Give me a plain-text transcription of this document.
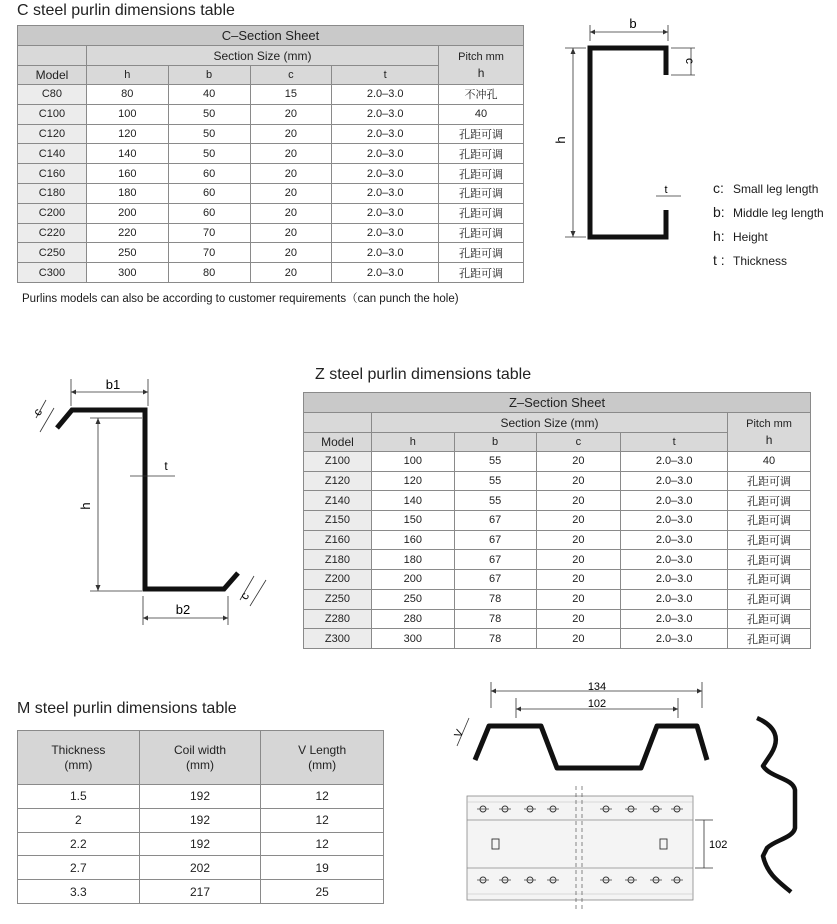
C steel purlin dimensions table
C–Section Sheet					
	Section Size (mm)				Pitch mm
h
Model	h	b	c	t	
C80	80	40	15	2.0–3.0	不冲孔
C100	100	50	20	2.0–3.0	40
C120	120	50	20	2.0–3.0	孔距可调
C140	140	50	20	2.0–3.0	孔距可调
C160	160	60	20	2.0–3.0	孔距可调
C180	180	60	20	2.0–3.0	孔距可调
C200	200	60	20	2.0–3.0	孔距可调
C220	220	70	20	2.0–3.0	孔距可调
C250	250	70	20	2.0–3.0	孔距可调
C300	300	80	20	2.0–3.0	孔距可调
Purlins models can also be according to customer requirements（can punch the hole)
b
c
h
t	c: Small leg length
b: Middle leg length
h: Height
t : Thickness
b1
c
h
t
b2
c
Z steel purlin dimensions table
Z–Section Sheet					
	Section Size (mm)				Pitch mm
h
Model	h	b	c	t	
Z100	100	55	20	2.0–3.0	40
Z120	120	55	20	2.0–3.0	孔距可调
Z140	140	55	20	2.0–3.0	孔距可调
Z150	150	67	20	2.0–3.0	孔距可调
Z160	160	67	20	2.0–3.0	孔距可调
Z180	180	67	20	2.0–3.0	孔距可调
Z200	200	67	20	2.0–3.0	孔距可调
Z250	250	78	20	2.0–3.0	孔距可调
Z280	280	78	20	2.0–3.0	孔距可调
Z300	300	78	20	2.0–3.0	孔距可调
M steel purlin dimensions table
Thickness
(mm)	Coil width
(mm)	V Length
(mm)
1.5	192	12
2	192	12
2.2	192	12
2.7	202	19
3.3	217	25
134
102
V
102
